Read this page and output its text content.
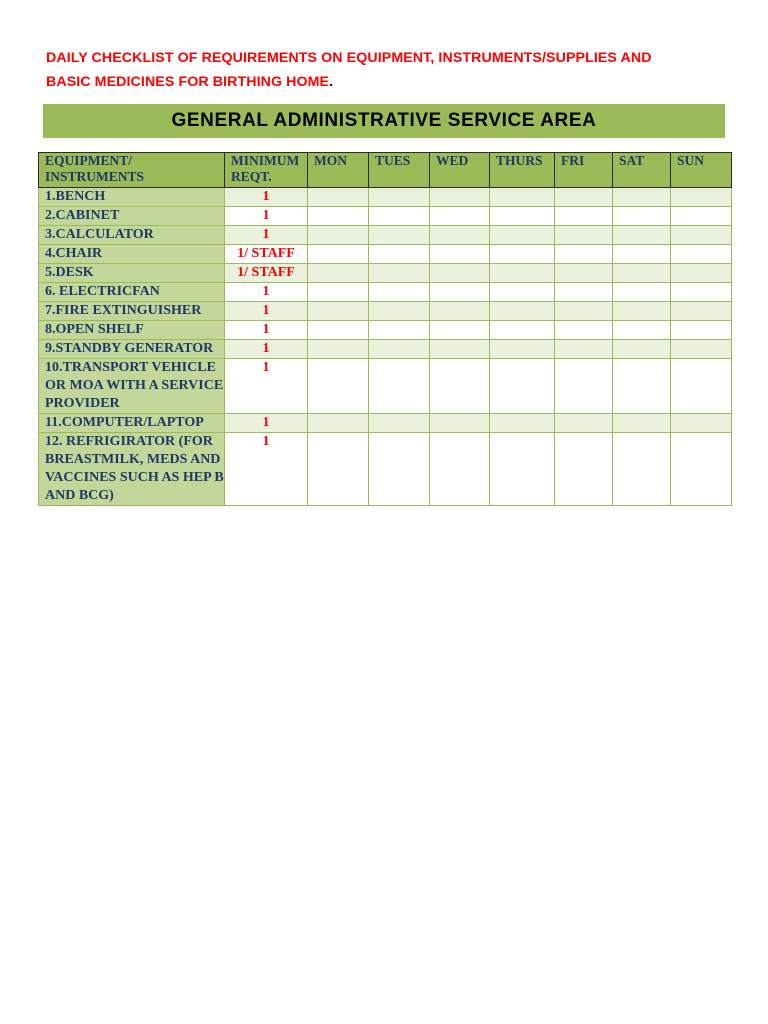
DAILY CHECKLIST OF REQUIREMENTS ON EQUIPMENT, INSTRUMENTS/SUPPLIES AND
BASIC MEDICINES FOR BIRTHING HOME.
GENERAL ADMINISTRATIVE SERVICE AREA
EQUIPMENT/ INSTRUMENTS	MINIMUM REQT.	MON	TUES	WED	THURS	FRI	SAT	SUN
1.BENCH	1							
2.CABINET	1							
3.CALCULATOR	1							
4.CHAIR	1/ STAFF							
5.DESK	1/ STAFF							
6. ELECTRICFAN	1							
7.FIRE EXTINGUISHER	1							
8.OPEN SHELF	1							
9.STANDBY GENERATOR	1							
10.TRANSPORT VEHICLE OR MOA WITH A SERVICE PROVIDER	1							
11.COMPUTER/LAPTOP	1							
12. REFRIGIRATOR (FOR BREASTMILK, MEDS AND VACCINES SUCH AS HEP B AND BCG)	1							
